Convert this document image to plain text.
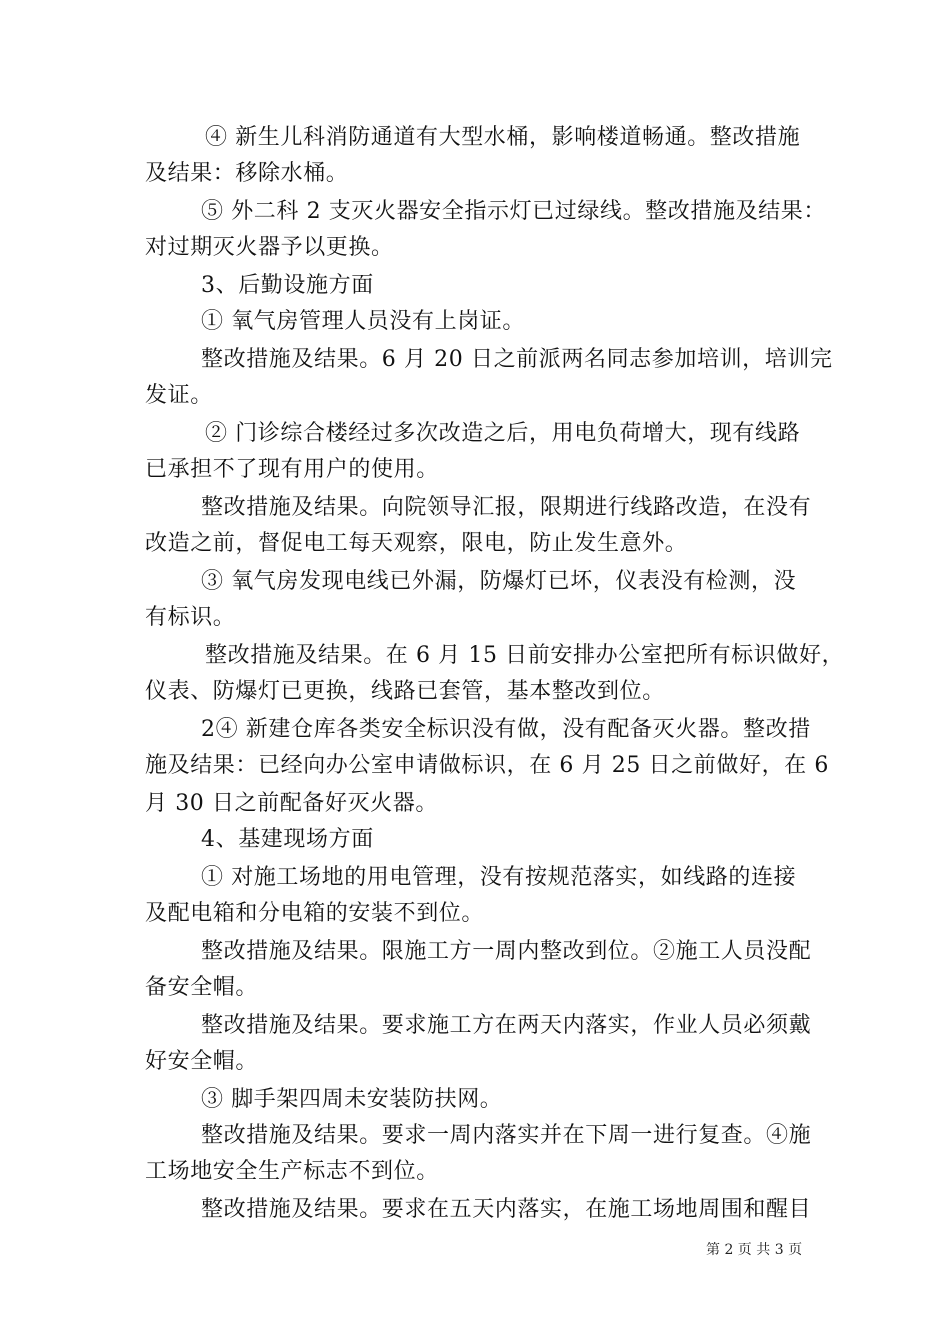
④ 新生儿科消防通道有大型水桶，影响楼道畅通。整改措施
及结果：移除水桶。
⑤ 外二科 2 支灭火器安全指示灯已过绿线。整改措施及结果：
对过期灭火器予以更换。
3、后勤设施方面
① 氧气房管理人员没有上岗证。
整改措施及结果。6 月 20 日之前派两名同志参加培训，培训完
发证。
② 门诊综合楼经过多次改造之后，用电负荷增大，现有线路
已承担不了现有用户的使用。
整改措施及结果。向院领导汇报，限期进行线路改造，在没有
改造之前，督促电工每天观察，限电，防止发生意外。
③ 氧气房发现电线已外漏，防爆灯已坏，仪表没有检测，没
有标识。
整改措施及结果。在 6 月 15 日前安排办公室把所有标识做好，
仪表、防爆灯已更换，线路已套管，基本整改到位。
2④ 新建仓库各类安全标识没有做，没有配备灭火器。整改措
施及结果：已经向办公室申请做标识，在 6 月 25 日之前做好，在 6
月 30 日之前配备好灭火器。
4、基建现场方面
① 对施工场地的用电管理，没有按规范落实，如线路的连接
及配电箱和分电箱的安装不到位。
整改措施及结果。限施工方一周内整改到位。②施工人员没配
备安全帽。
整改措施及结果。要求施工方在两天内落实，作业人员必须戴
好安全帽。
③ 脚手架四周未安装防扶网。
整改措施及结果。要求一周内落实并在下周一进行复查。④施
工场地安全生产标志不到位。
整改措施及结果。要求在五天内落实，在施工场地周围和醒目
第 2 页 共 3 页
